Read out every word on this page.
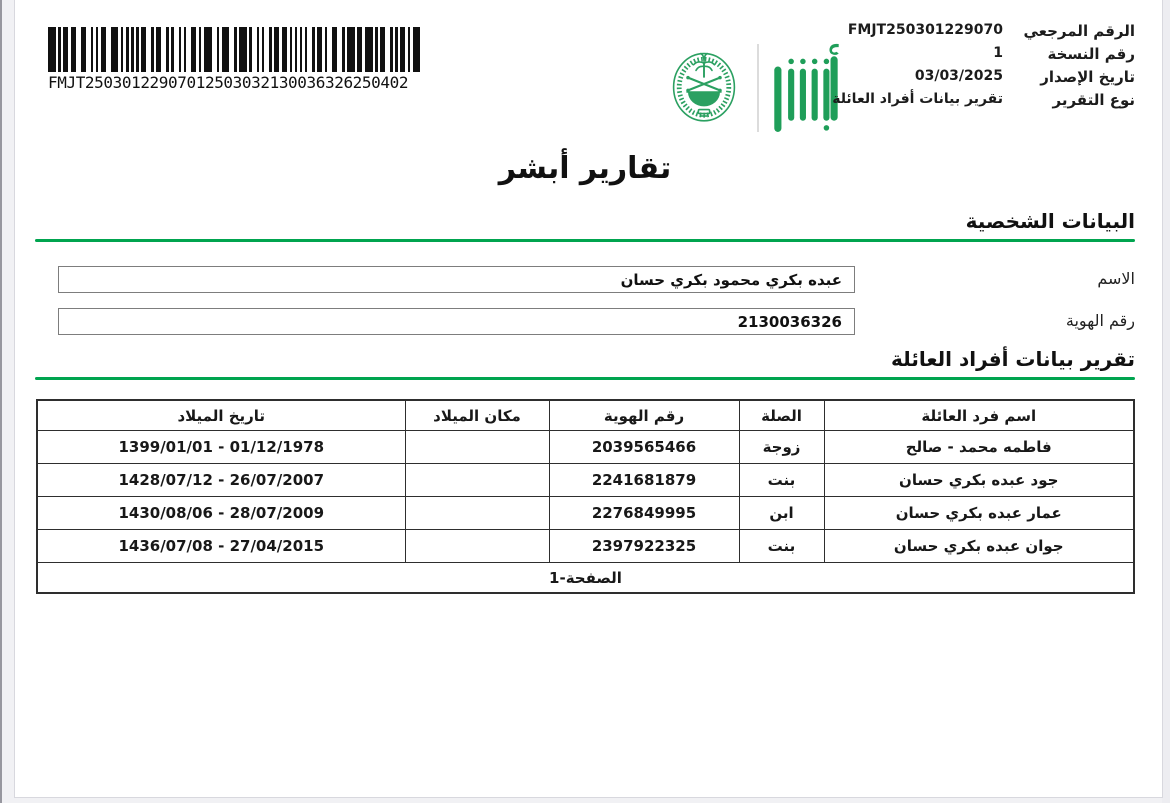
FMJT25030122907012503032130036326250402
الرقم المرجعي
FMJT250301229070
رقم النسخة
1
تاريخ الإصدار
03/03/2025
نوع التقرير
تقرير بيانات أفراد العائلة
تقارير أبشر
البيانات الشخصية
الاسم
عبده بكري محمود بكري حسان
رقم الهوية
2130036326
تقرير بيانات أفراد العائلة
اسم فرد العائلة	الصلة	رقم الهوية	مكان الميلاد	تاريخ الميلاد
فاطمه محمد - صالح	زوجة	2039565466		1399/01/01 - 01/12/1978
جود عبده بكري حسان	بنت	2241681879		1428/07/12 - 26/07/2007
عمار عبده بكري حسان	ابن	2276849995		1430/08/06 - 28/07/2009
جوان عبده بكري حسان	بنت	2397922325		1436/07/08 - 27/04/2015
الصفحة-1				
